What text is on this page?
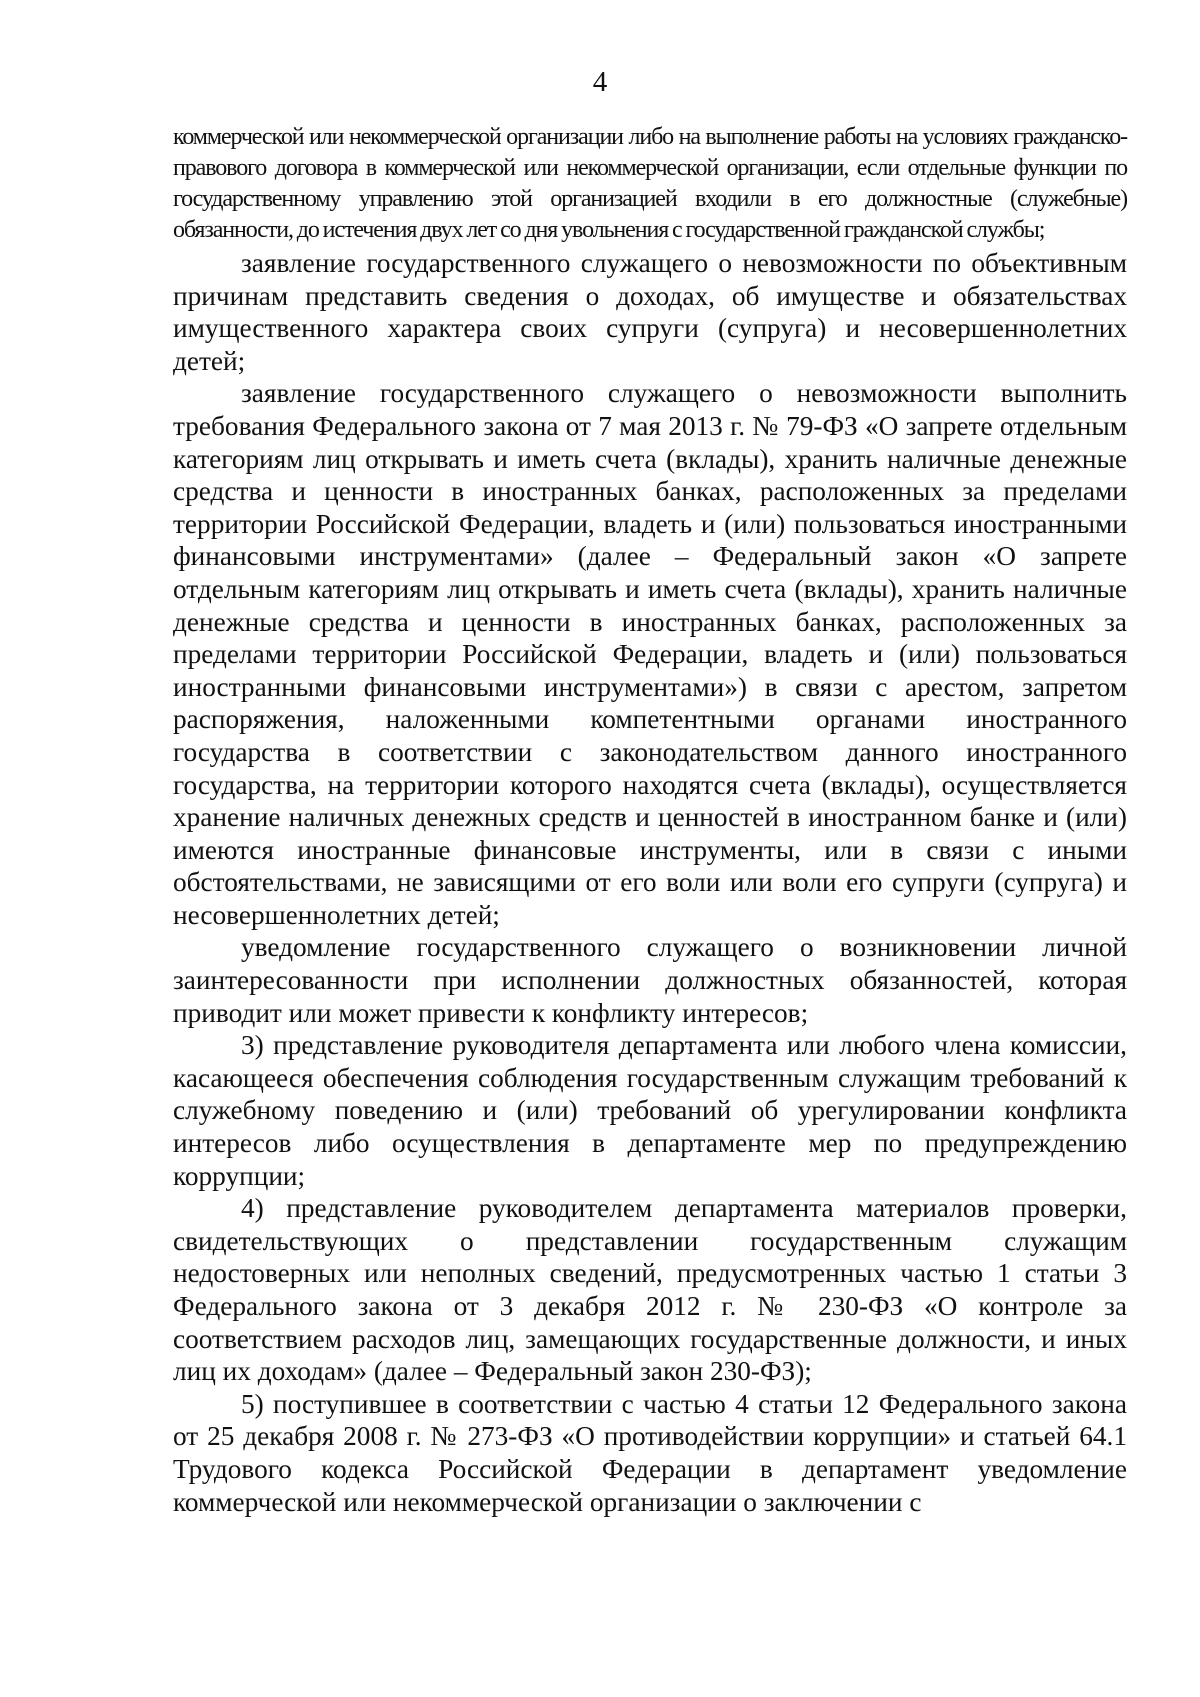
4

коммерческой или некоммерческой организации либо на выполнение работы на условиях гражданско-правового договора в коммерческой или некоммерческой организации, если отдельные функции по государственному управлению этой организацией входили в его должностные (служебные) обязанности, до истечения двух лет со дня увольнения с государственной гражданской службы;

заявление государственного служащего о невозможности по объективным причинам представить сведения о доходах, об имуществе и обязательствах имущественного характера своих супруги (супруга) и несовершеннолетних детей;

заявление государственного служащего о невозможности выполнить требования Федерального закона от 7 мая 2013 г. № 79-ФЗ «О запрете отдельным категориям лиц открывать и иметь счета (вклады), хранить наличные денежные средства и ценности в иностранных банках, расположенных за пределами территории Российской Федерации, владеть и (или) пользоваться иностранными финансовыми инструментами» (далее – Федеральный закон «О запрете отдельным категориям лиц открывать и иметь счета (вклады), хранить наличные денежные средства и ценности в иностранных банках, расположенных за пределами территории Российской Федерации, владеть и (или) пользоваться иностранными финансовыми инструментами») в связи с арестом, запретом распоряжения, наложенными компетентными органами иностранного государства в соответствии с законодательством данного иностранного государства, на территории которого находятся счета (вклады), осуществляется хранение наличных денежных средств и ценностей в иностранном банке и (или) имеются иностранные финансовые инструменты, или в связи с иными обстоятельствами, не зависящими от его воли или воли его супруги (супруга) и несовершеннолетних детей;

уведомление государственного служащего о возникновении личной заинтересованности при исполнении должностных обязанностей, которая приводит или может привести к конфликту интересов;

3) представление руководителя департамента или любого члена комиссии, касающееся обеспечения соблюдения государственным служащим требований к служебному поведению и (или) требований об урегулировании конфликта интересов либо осуществления в департаменте мер по предупреждению коррупции;

4) представление руководителем департамента материалов проверки, свидетельствующих о представлении государственным служащим недостоверных или неполных сведений, предусмотренных частью 1 статьи 3 Федерального закона от 3 декабря 2012 г. № 230-ФЗ «О контроле за соответствием расходов лиц, замещающих государственные должности, и иных лиц их доходам» (далее – Федеральный закон 230-ФЗ);

5) поступившее в соответствии с частью 4 статьи 12 Федерального закона от 25 декабря 2008 г. № 273-ФЗ «О противодействии коррупции» и статьей 64.1 Трудового кодекса Российской Федерации в департамент уведомление коммерческой или некоммерческой организации о заключении с
